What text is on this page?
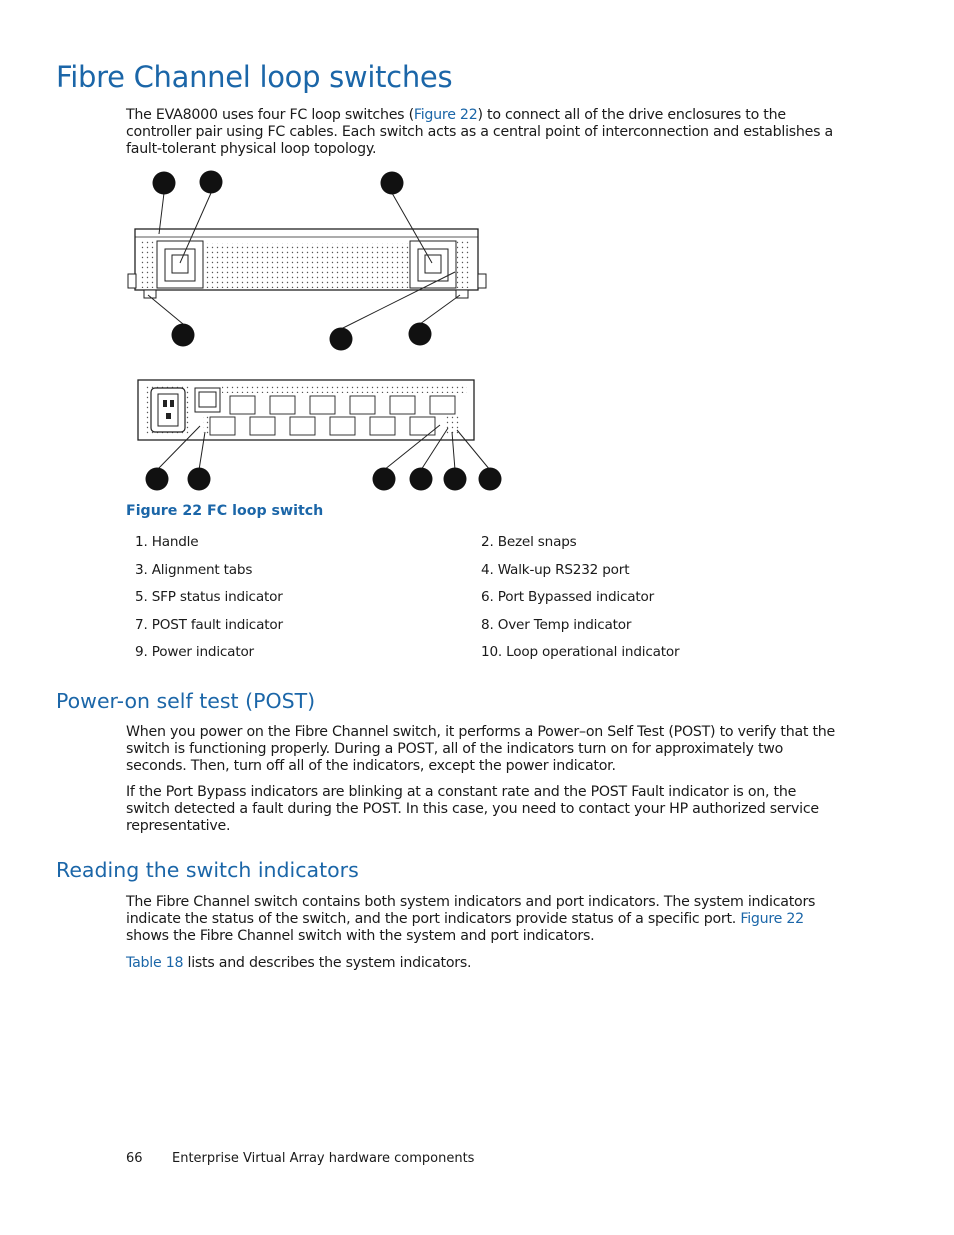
Fibre Channel loop switches

The EVA8000 uses four FC loop switches (Figure 22) to connect all of the drive enclosures to the controller pair using FC cables. Each switch acts as a central point of interconnection and establishes a fault-tolerant physical loop topology.

Figure 22 FC loop switch

1. Handle	2. Bezel snaps
3. Alignment tabs	4. Walk-up RS232 port
5. SFP status indicator	6. Port Bypassed indicator
7. POST fault indicator	8. Over Temp indicator
9. Power indicator	10. Loop operational indicator
Power-on self test (POST)

When you power on the Fibre Channel switch, it performs a Power–on Self Test (POST) to verify that the switch is functioning properly. During a POST, all of the indicators turn on for approximately two seconds. Then, turn off all of the indicators, except the power indicator.

If the Port Bypass indicators are blinking at a constant rate and the POST Fault indicator is on, the switch detected a fault during the POST. In this case, you need to contact your HP authorized service representative.

Reading the switch indicators

The Fibre Channel switch contains both system indicators and port indicators. The system indicators indicate the status of the switch, and the port indicators provide status of a specific port. Figure 22 shows the Fibre Channel switch with the system and port indicators.

Table 18 lists and describes the system indicators.

66 Enterprise Virtual Array hardware components
